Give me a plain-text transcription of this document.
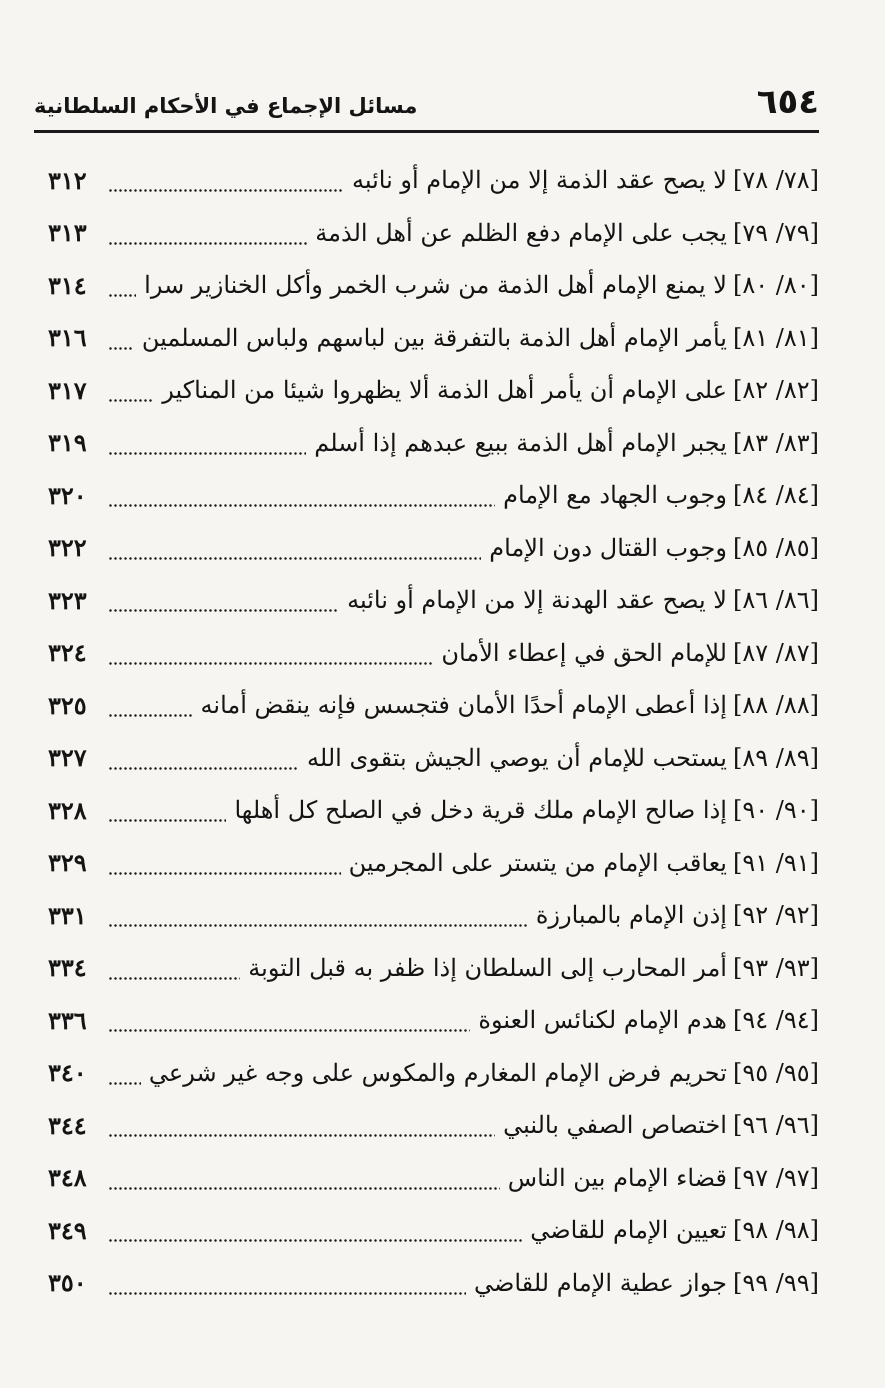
٦٥٤
مسائل الإجماع في الأحكام السلطانية
[٧٨/ ٧٨]
لا يصح عقد الذمة إلا من الإمام أو نائبه
٣١٢
[٧٩/ ٧٩]
يجب على الإمام دفع الظلم عن أهل الذمة
٣١٣
[٨٠/ ٨٠]
لا يمنع الإمام أهل الذمة من شرب الخمر وأكل الخنازير سرا
٣١٤
[٨١/ ٨١]
يأمر الإمام أهل الذمة بالتفرقة بين لباسهم ولباس المسلمين
٣١٦
[٨٢/ ٨٢]
على الإمام أن يأمر أهل الذمة ألا يظهروا شيئا من المناكير
٣١٧
[٨٣/ ٨٣]
يجبر الإمام أهل الذمة ببيع عبدهم إذا أسلم
٣١٩
[٨٤/ ٨٤]
وجوب الجهاد مع الإمام
٣٢٠
[٨٥/ ٨٥]
وجوب القتال دون الإمام
٣٢٢
[٨٦/ ٨٦]
لا يصح عقد الهدنة إلا من الإمام أو نائبه
٣٢٣
[٨٧/ ٨٧]
للإمام الحق في إعطاء الأمان
٣٢٤
[٨٨/ ٨٨]
إذا أعطى الإمام أحدًا الأمان فتجسس فإنه ينقض أمانه
٣٢٥
[٨٩/ ٨٩]
يستحب للإمام أن يوصي الجيش بتقوى الله
٣٢٧
[٩٠/ ٩٠]
إذا صالح الإمام ملك قرية دخل في الصلح كل أهلها
٣٢٨
[٩١/ ٩١]
يعاقب الإمام من يتستر على المجرمين
٣٢٩
[٩٢/ ٩٢]
إذن الإمام بالمبارزة
٣٣١
[٩٣/ ٩٣]
أمر المحارب إلى السلطان إذا ظفر به قبل التوبة
٣٣٤
[٩٤/ ٩٤]
هدم الإمام لكنائس العنوة
٣٣٦
[٩٥/ ٩٥]
تحريم فرض الإمام المغارم والمكوس على وجه غير شرعي
٣٤٠
[٩٦/ ٩٦]
اختصاص الصفي بالنبي
٣٤٤
[٩٧/ ٩٧]
قضاء الإمام بين الناس
٣٤٨
[٩٨/ ٩٨]
تعيين الإمام للقاضي
٣٤٩
[٩٩/ ٩٩]
جواز عطية الإمام للقاضي
٣٥٠
